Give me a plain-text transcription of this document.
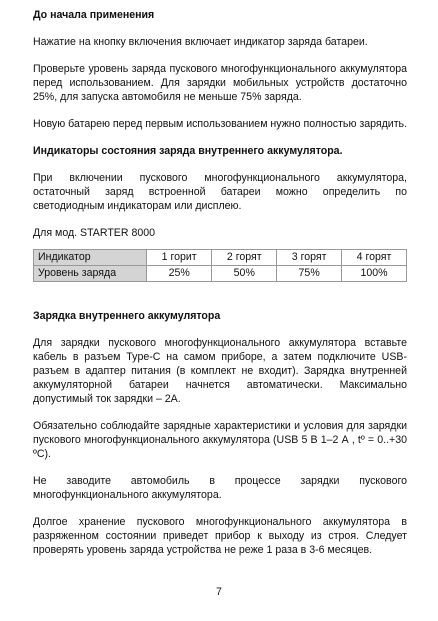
До начала применения

Нажатие на кнопку включения включает индикатор заряда батареи.

Проверьте уровень заряда пускового многофункционального аккумулятора перед использованием. Для зарядки мобильных устройств достаточно 25%, для запуска автомобиля не меньше 75% заряда.

Новую батарею перед первым использованием нужно полностью зарядить.

Индикаторы состояния заряда внутреннего аккумулятора.

При включении пускового многофункционального аккумулятора, остаточный заряд встроенной батареи можно определить по светодиодным индикаторам или дисплею.

Для мод. STARTER 8000
Индикатор	1 горит	2 горят	3 горят	4 горят
Уровень заряда	25%	50%	75%	100%
Зарядка внутреннего аккумулятора

Для зарядки пускового многофункционального аккумулятора вставьте кабель в разъем Type-C на самом приборе, а затем подключите USB-разъем в адаптер питания (в комплект не входит). Зарядка внутренней аккумуляторной батареи начнется автоматически. Максимально допустимый ток зарядки – 2А.

Обязательно соблюдайте зарядные характеристики и условия для зарядки пускового многофункционального аккумулятора (USB 5 В 1–2 А , tº = 0..+30 ºC).

Не заводите автомобиль в процессе зарядки пускового многофункционального аккумулятора.

Долгое хранение пускового многофункционального аккумулятора в разряженном состоянии приведет прибор к выходу из строя. Следует проверять уровень заряда устройства не реже 1 раза в 3-6 месяцев.

7
